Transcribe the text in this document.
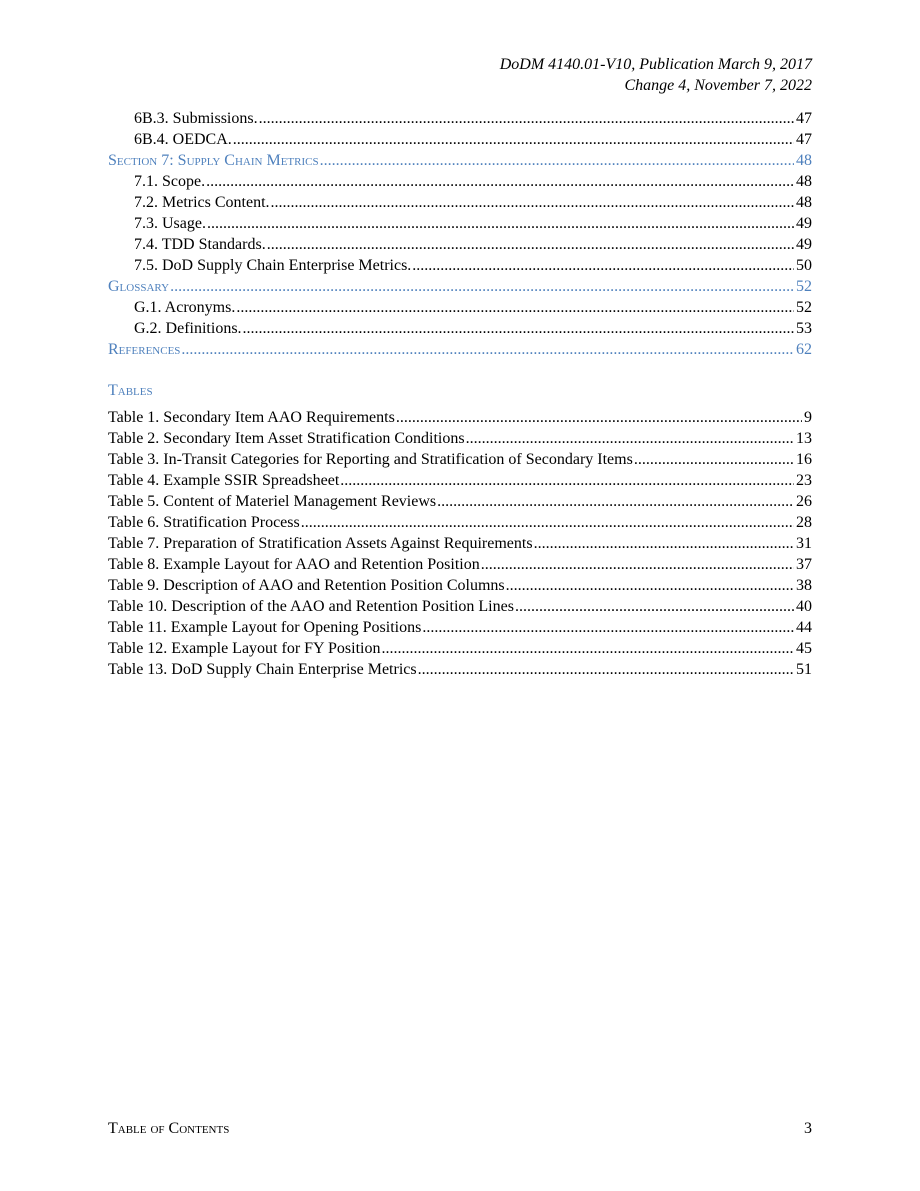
DoDM 4140.01-V10, Publication March 9, 2017
Change 4, November 7, 2022
6B.3. Submissions. .....	47
6B.4. OEDCA. .....	47
Section 7: Supply Chain Metrics .....	48
7.1. Scope. .....	48
7.2. Metrics Content. .....	48
7.3. Usage. .....	49
7.4. TDD Standards. .....	49
7.5. DoD Supply Chain Enterprise Metrics. .....	50
Glossary .....	52
G.1. Acronyms. .....	52
G.2. Definitions. .....	53
References .....	62
Tables
Table 1. Secondary Item AAO Requirements .....	9
Table 2. Secondary Item Asset Stratification Conditions .....	13
Table 3. In-Transit Categories for Reporting and Stratification of Secondary Items .....	16
Table 4. Example SSIR Spreadsheet .....	23
Table 5. Content of Materiel Management Reviews .....	26
Table 6. Stratification Process .....	28
Table 7. Preparation of Stratification Assets Against Requirements .....	31
Table 8. Example Layout for AAO and Retention Position .....	37
Table 9. Description of AAO and Retention Position Columns .....	38
Table 10. Description of the AAO and Retention Position Lines .....	40
Table 11. Example Layout for Opening Positions .....	44
Table 12. Example Layout for FY Position .....	45
Table 13. DoD Supply Chain Enterprise Metrics .....	51
Table of Contents	3
